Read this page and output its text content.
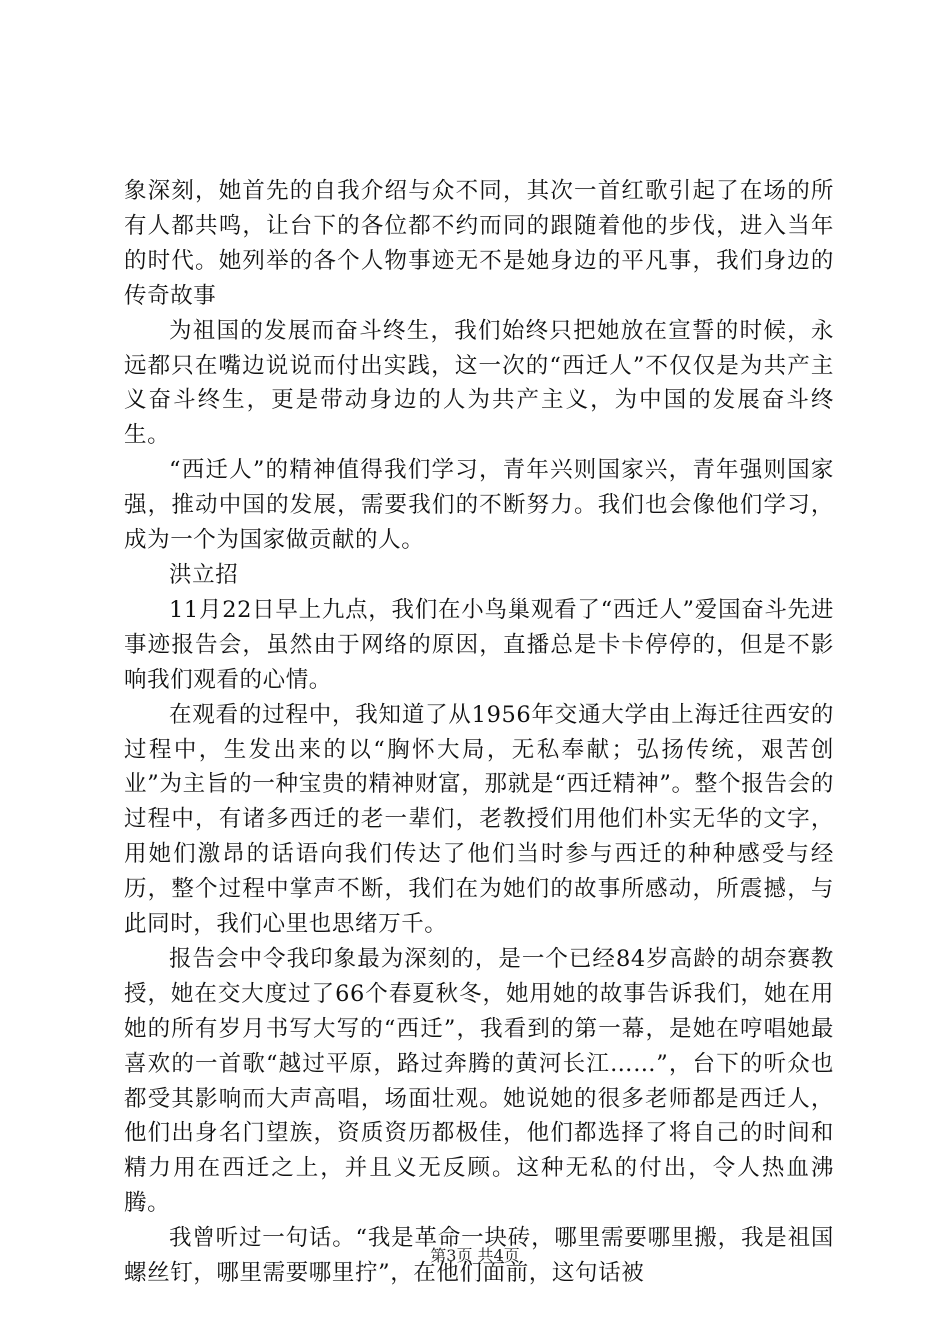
象深刻，她首先的自我介绍与众不同，其次一首红歌引起了在场的所有人都共鸣，让台下的各位都不约而同的跟随着他的步伐，进入当年的时代。她列举的各个人物事迹无不是她身边的平凡事，我们身边的传奇故事

为祖国的发展而奋斗终生，我们始终只把她放在宣誓的时候，永远都只在嘴边说说而付出实践，这一次的“西迁人”不仅仅是为共产主义奋斗终生，更是带动身边的人为共产主义，为中国的发展奋斗终生。

“西迁人”的精神值得我们学习，青年兴则国家兴，青年强则国家强，推动中国的发展，需要我们的不断努力。我们也会像他们学习，成为一个为国家做贡献的人。

洪立招

11月22日早上九点，我们在小鸟巢观看了“西迁人”爱国奋斗先进事迹报告会，虽然由于网络的原因，直播总是卡卡停停的，但是不影响我们观看的心情。

在观看的过程中，我知道了从1956年交通大学由上海迁往西安的过程中，生发出来的以“胸怀大局，无私奉献；弘扬传统，艰苦创业”为主旨的一种宝贵的精神财富，那就是“西迁精神”。整个报告会的过程中，有诸多西迁的老一辈们，老教授们用他们朴实无华的文字，用她们激昂的话语向我们传达了他们当时参与西迁的种种感受与经历，整个过程中掌声不断，我们在为她们的故事所感动，所震撼，与此同时，我们心里也思绪万千。

报告会中令我印象最为深刻的，是一个已经84岁高龄的胡奈赛教授，她在交大度过了66个春夏秋冬，她用她的故事告诉我们，她在用她的所有岁月书写大写的“西迁”，我看到的第一幕，是她在哼唱她最喜欢的一首歌“越过平原，路过奔腾的黄河长江……”，台下的听众也都受其影响而大声高唱，场面壮观。她说她的很多老师都是西迁人，他们出身名门望族，资质资历都极佳，他们都选择了将自己的时间和精力用在西迁之上，并且义无反顾。这种无私的付出，令人热血沸腾。

我曾听过一句话。“我是革命一块砖，哪里需要哪里搬，我是祖国螺丝钉，哪里需要哪里拧”，在他们面前，这句话被

第3页 共4页
